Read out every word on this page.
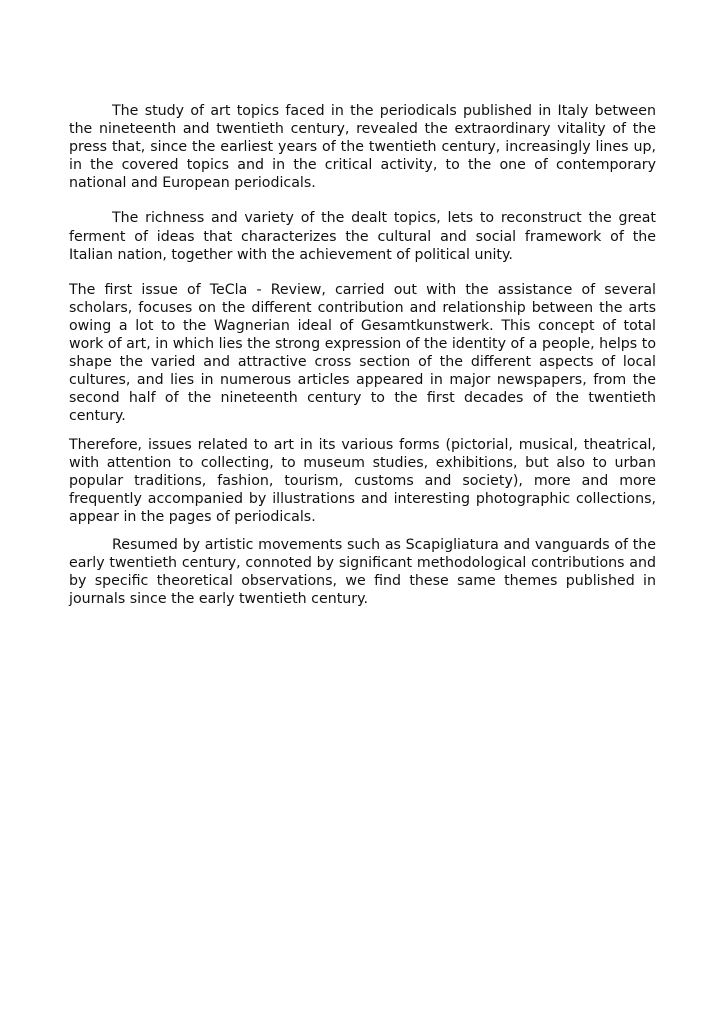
The study of art topics faced in the periodicals published in Italy between the nineteenth and twentieth century, revealed the extraordinary vitality of the press that, since the earliest years of the twentieth century, increasingly lines up, in the covered topics and in the critical activity, to the one of contemporary national and European periodicals.

The richness and variety of the dealt topics, lets to reconstruct the great ferment of ideas that characterizes the cultural and social framework of the Italian nation, together with the achievement of political unity.

The first issue of TeCla - Review, carried out with the assistance of several scholars, focuses on the different contribution and relationship between the arts owing a lot to the Wagnerian ideal of Gesamtkunstwerk. This concept of total work of art, in which lies the strong expression of the identity of a people, helps to shape the varied and attractive cross section of the different aspects of local cultures, and lies in numerous articles appeared in major newspapers, from the second half of the nineteenth century to the first decades of the twentieth century.

Therefore, issues related to art in its various forms (pictorial, musical, theatrical, with attention to collecting, to museum studies, exhibitions, but also to urban popular traditions, fashion, tourism, customs and society), more and more frequently accompanied by illustrations and interesting photographic collections, appear in the pages of periodicals.

Resumed by artistic movements such as Scapigliatura and vanguards of the early twentieth century, connoted by significant methodological contributions and by specific theoretical observations, we find these same themes published in journals since the early twentieth century.
